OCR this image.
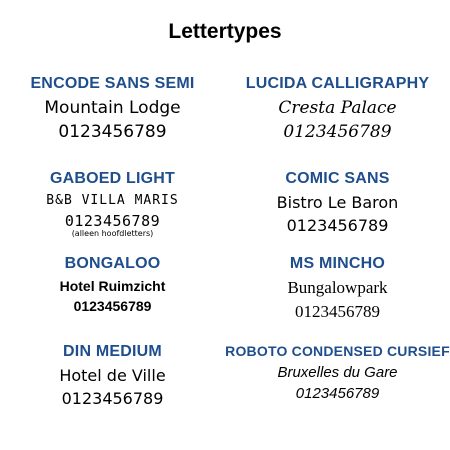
Lettertypes
ENCODE SANS SEMI
Mountain Lodge
0123456789
LUCIDA CALLIGRAPHY
Cresta Palace
0123456789
GABOED LIGHT
B&B VILLA MARIS
0123456789
(alleen hoofdletters)
COMIC SANS
Bistro Le Baron
0123456789
BONGALOO
Hotel Ruimzicht
0123456789
MS MINCHO
Bungalowpark
0123456789
DIN MEDIUM
Hotel de Ville
0123456789
ROBOTO CONDENSED CURSIEF
Bruxelles du Gare
0123456789
